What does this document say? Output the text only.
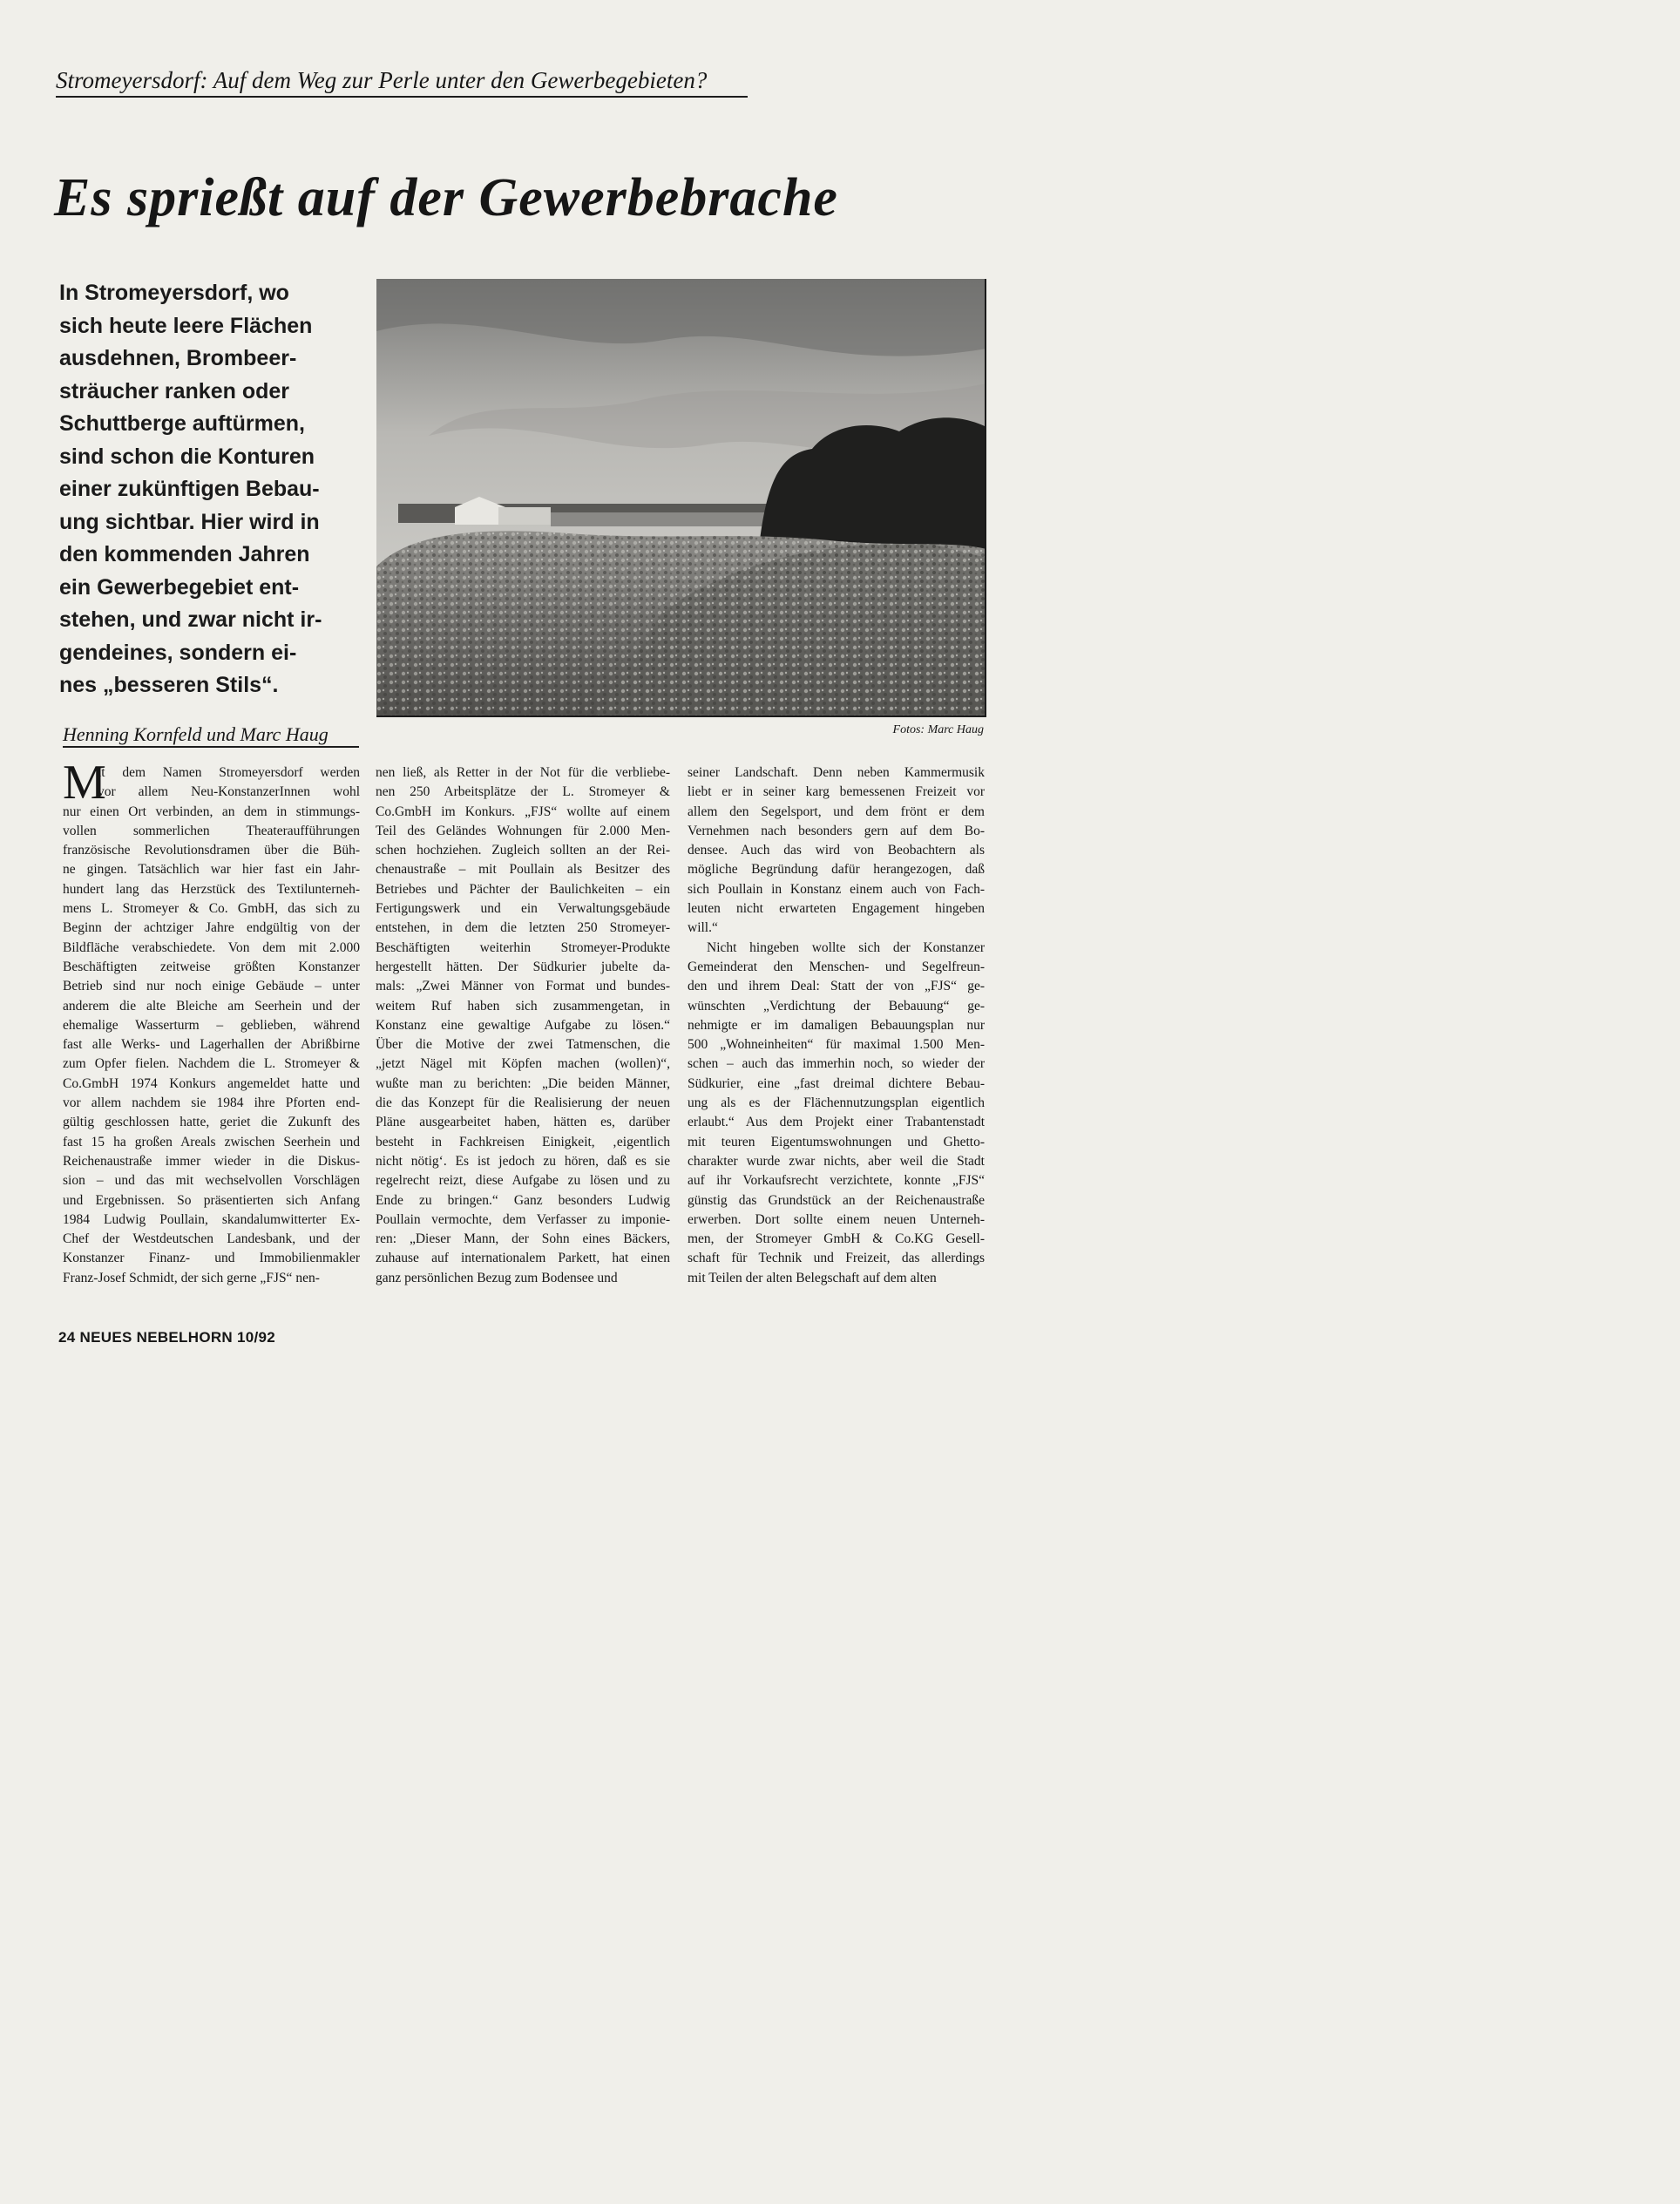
Stromeyersdorf: Auf dem Weg zur Perle unter den Gewerbegebieten?
Es sprießt auf der Gewerbebrache
In Stromeyersdorf, wo
sich heute leere Flächen
ausdehnen, Brombeer-
sträucher ranken oder
Schuttberge auftürmen,
sind schon die Konturen
einer zukünftigen Bebau-
ung sichtbar. Hier wird in
den kommenden Jahren
ein Gewerbegebiet ent-
stehen, und zwar nicht ir-
gendeines, sondern ei-
nes „besseren Stils“.
Henning Kornfeld und Marc Haug	Fotos: Marc Haug
M
it dem Namen Stromeyersdorf werden
vor allem Neu-KonstanzerInnen wohl
nur einen Ort verbinden, an dem in stimmungs-
vollen sommerlichen Theateraufführungen
französische Revolutionsdramen über die Büh-
ne gingen. Tatsächlich war hier fast ein Jahr-
hundert lang das Herzstück des Textilunterneh-
mens L. Stromeyer & Co. GmbH, das sich zu
Beginn der achtziger Jahre endgültig von der
Bildfläche verabschiedete. Von dem mit 2.000
Beschäftigten zeitweise größten Konstanzer
Betrieb sind nur noch einige Gebäude – unter
anderem die alte Bleiche am Seerhein und der
ehemalige Wasserturm – geblieben, während
fast alle Werks- und Lagerhallen der Abrißbirne
zum Opfer fielen. Nachdem die L. Stromeyer &
Co.GmbH 1974 Konkurs angemeldet hatte und
vor allem nachdem sie 1984 ihre Pforten end-
gültig geschlossen hatte, geriet die Zukunft des
fast 15 ha großen Areals zwischen Seerhein und
Reichenaustraße immer wieder in die Diskus-
sion – und das mit wechselvollen Vorschlägen
und Ergebnissen. So präsentierten sich Anfang
1984 Ludwig Poullain, skandalumwitterter Ex-
Chef der Westdeutschen Landesbank, und der
Konstanzer Finanz- und Immobilienmakler
Franz-Josef Schmidt, der sich gerne „FJS“ nen-
nen ließ, als Retter in der Not für die verbliebe-
nen 250 Arbeitsplätze der L. Stromeyer &
Co.GmbH im Konkurs. „FJS“ wollte auf einem
Teil des Geländes Wohnungen für 2.000 Men-
schen hochziehen. Zugleich sollten an der Rei-
chenaustraße – mit Poullain als Besitzer des
Betriebes und Pächter der Baulichkeiten – ein
Fertigungswerk und ein Verwaltungsgebäude
entstehen, in dem die letzten 250 Stromeyer-
Beschäftigten weiterhin Stromeyer-Produkte
hergestellt hätten. Der Südkurier jubelte da-
mals: „Zwei Männer von Format und bundes-
weitem Ruf haben sich zusammengetan, in
Konstanz eine gewaltige Aufgabe zu lösen.“
Über die Motive der zwei Tatmenschen, die
„jetzt Nägel mit Köpfen machen (wollen)“,
wußte man zu berichten: „Die beiden Männer,
die das Konzept für die Realisierung der neuen
Pläne ausgearbeitet haben, hätten es, darüber
besteht in Fachkreisen Einigkeit, ‚eigentlich
nicht nötig‘. Es ist jedoch zu hören, daß es sie
regelrecht reizt, diese Aufgabe zu lösen und zu
Ende zu bringen.“ Ganz besonders Ludwig
Poullain vermochte, dem Verfasser zu imponie-
ren: „Dieser Mann, der Sohn eines Bäckers,
zuhause auf internationalem Parkett, hat einen
ganz persönlichen Bezug zum Bodensee und
seiner Landschaft. Denn neben Kammermusik
liebt er in seiner karg bemessenen Freizeit vor
allem den Segelsport, und dem frönt er dem
Vernehmen nach besonders gern auf dem Bo-
densee. Auch das wird von Beobachtern als
mögliche Begründung dafür herangezogen, daß
sich Poullain in Konstanz einem auch von Fach-
leuten nicht erwarteten Engagement hingeben
will.“
Nicht hingeben wollte sich der Konstanzer
Gemeinderat den Menschen- und Segelfreun-
den und ihrem Deal: Statt der von „FJS“ ge-
wünschten „Verdichtung der Bebauung“ ge-
nehmigte er im damaligen Bebauungsplan nur
500 „Wohneinheiten“ für maximal 1.500 Men-
schen – auch das immerhin noch, so wieder der
Südkurier, eine „fast dreimal dichtere Bebau-
ung als es der Flächennutzungsplan eigentlich
erlaubt.“ Aus dem Projekt einer Trabantenstadt
mit teuren Eigentumswohnungen und Ghetto-
charakter wurde zwar nichts, aber weil die Stadt
auf ihr Vorkaufsrecht verzichtete, konnte „FJS“
günstig das Grundstück an der Reichenaustraße
erwerben. Dort sollte einem neuen Unterneh-
men, der Stromeyer GmbH & Co.KG Gesell-
schaft für Technik und Freizeit, das allerdings
mit Teilen der alten Belegschaft auf dem alten
24 NEUES NEBELHORN 10/92
